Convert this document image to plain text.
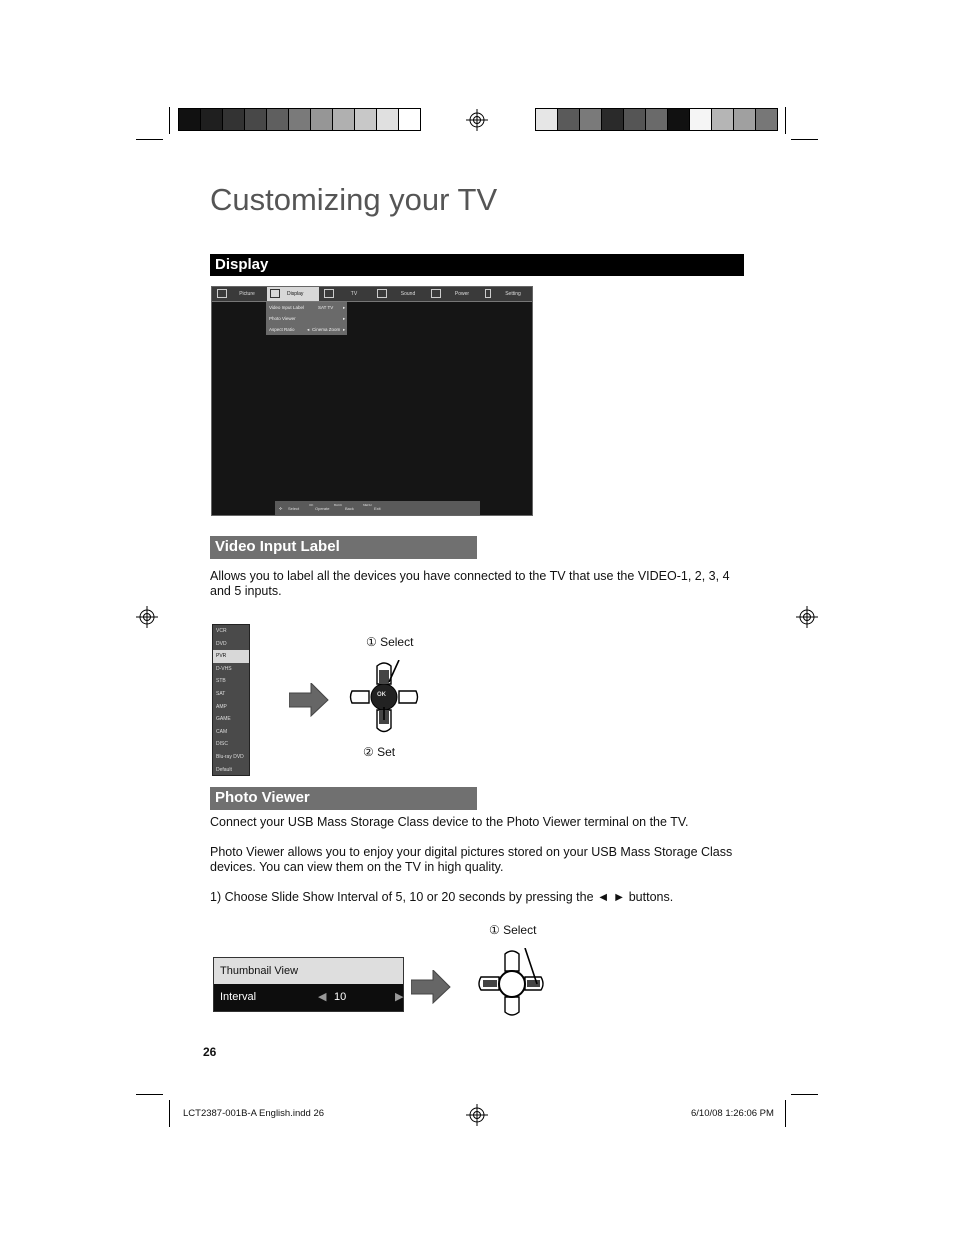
Customizing your TV
Display
Picture	Display	TV	Sound	Power	Setting
Video Input Label	SAT TV ▸
Photo Viewer	▸
Aspect Ratio	◂ Cinema Zoom ▸
✣ Select
OK
Operate
BACK
Back
MENU
Exit
Video Input Label
Allows you to label all the devices you have connected to the TV that use the VIDEO-1, 2, 3, 4 and 5 inputs.
VCR
DVD
PVR
D-VHS
STB
SAT
AMP
GAME
CAM
DISC
Blu-ray DVD
Default
OK
① Select
② Set
Photo Viewer
Connect your USB Mass Storage Class device to the Photo Viewer terminal on the TV.
Photo Viewer allows you to enjoy your digital pictures stored on your USB Mass Storage Class devices. You can view them on the TV in high quality.
1) Choose Slide Show Interval of 5, 10 or 20 seconds by pressing the ◄ ► buttons.
Thumbnail View
Interval	◀ 10	▶
① Select
26
LCT2387-001B-A English.indd 26	6/10/08 1:26:06 PM
